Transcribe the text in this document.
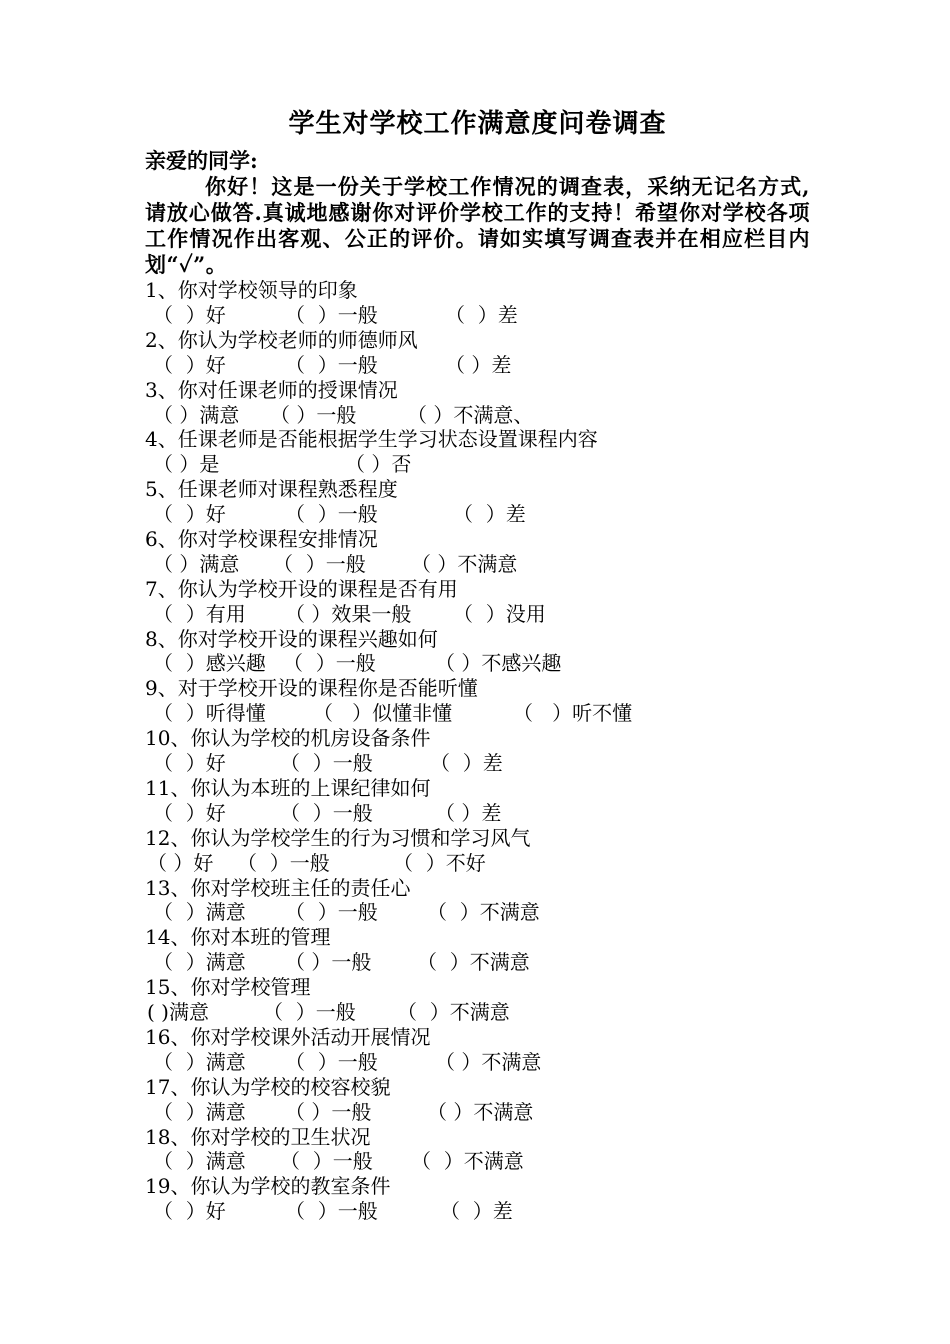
学生对学校工作满意度问卷调查

亲爱的同学:

你好！这是一份关于学校工作情况的调查表，采纳无记名方式,请放心做答.真诚地感谢你对评价学校工作的支持！希望你对学校各项工作情况作出客观、公正的评价。请如实填写调查表并在相应栏目内划“✓”。

1、你对学校领导的印象
（  ）好	（  ）一般	（  ）差
2、你认为学校老师的师德师风
（  ）好	（  ）一般	（ ）差
3、你对任课老师的授课情况
（ ）满意 （ ）一般	（ ）不满意、
4、任课老师是否能根据学生学习状态设置课程内容
（ ）是	（ ）否
5、任课老师对课程熟悉程度
（  ）好	（  ）一般	（  ）差
6、你对学校课程安排情况
（ ）满意 （  ）一般 （ ）不满意
7、你认为学校开设的课程是否有用
（  ）有用 （ ）效果一般 （  ）没用
8、你对学校开设的课程兴趣如何
（  ）感兴趣 （  ）一般	（ ）不感兴趣
9、对于学校开设的课程你是否能听懂
（  ）听得懂 （   ）似懂非懂	（   ）听不懂
10、你认为学校的机房设备条件
（  ）好	（  ）一般	（  ）差
11、你认为本班的上课纪律如何
（  ）好	（  ）一般	（ ）差
12、你认为学校学生的行为习惯和学习风气
（ ）好 （  ）一般	（  ）不好
13、你对学校班主任的责任心
（  ）满意 （  ）一般 （  ）不满意
14、你对本班的管理
（  ）满意 （ ）一般 （  ）不满意
15、你对学校管理
( )满意	（  ）一般 （  ）不满意
16、你对学校课外活动开展情况
（  ）满意 （  ）一般	（ ）不满意
17、你认为学校的校容校貌
（  ）满意 （ ）一般	（ ）不满意
18、你对学校的卫生状况
（  ）满意 （  ）一般 （  ）不满意
19、你认为学校的教室条件
（  ）好	（  ）一般	（  ）差
